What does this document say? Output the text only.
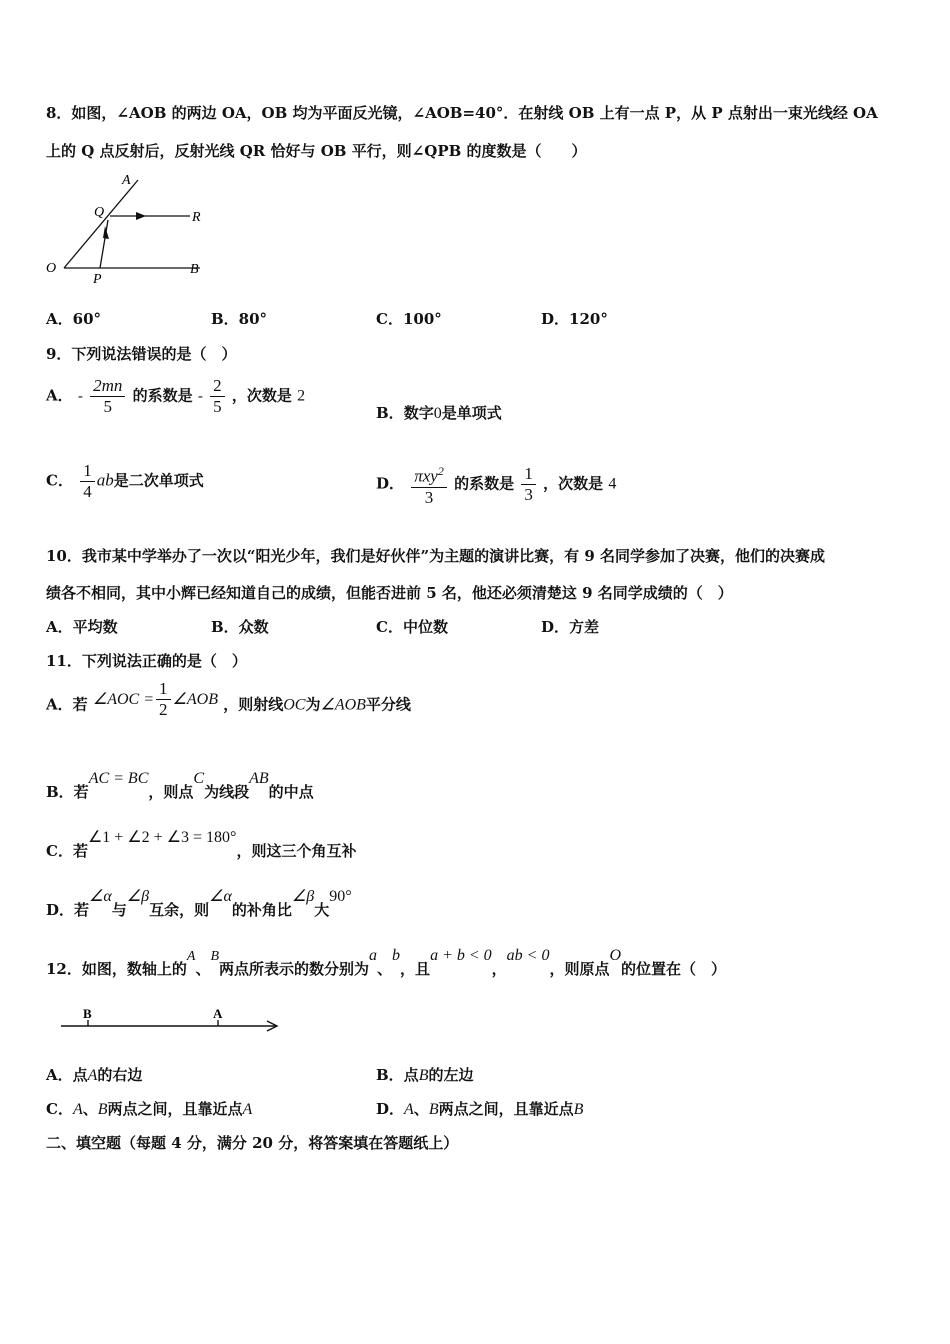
8．如图，∠AOB 的两边 OA，OB 均为平面反光镜，∠AOB=40°．在射线 OB 上有一点 P，从 P 点射出一束光线经 OA
上的 Q 点反射后，反射光线 QR 恰好与 OB 平行，则∠QPB 的度数是（　　）
A
Q	R
O
P
B
A．60°	B．80°	C．100°	D．120°
9．下列说法错误的是（　）
A． - $\frac{2mn}{5}$ 的系数是 - $\frac{2}{5}$ ，次数是 2
B．数字0是单项式
C． $\frac{1}{4}$ ab是二次单项式	D． $\frac{\pi xy^2}{3}$ 的系数是 $\frac{1}{3}$ ，次数是 4
10．我市某中学举办了一次以“阳光少年，我们是好伙伴”为主题的演讲比赛，有 9 名同学参加了决赛，他们的决赛成
绩各不相同，其中小辉已经知道自己的成绩，但能否进前 5 名，他还必须清楚这 9 名同学成绩的（　）
A．平均数	B．众数	C．中位数	D．方差
11．下列说法正确的是（　）
A．若 ∠AOC = $\frac{1}{2}$ ∠AOB ，则射线OC为∠AOB平分线
B．若AC = BC，则点C为线段AB的中点
C．若∠1 + ∠2 + ∠3 = 180°，则这三个角互补
D．若∠α与∠β互余，则∠α的补角比∠β大90°
12．如图，数轴上的A、B两点所表示的数分别为a、b，且a + b < 0，ab < 0，则原点O的位置在（　）
B	A
A．点A的右边	B．点B的左边
C．A、B两点之间，且靠近点A	D．A、B两点之间，且靠近点B
二、填空题（每题 4 分，满分 20 分，将答案填在答题纸上）
